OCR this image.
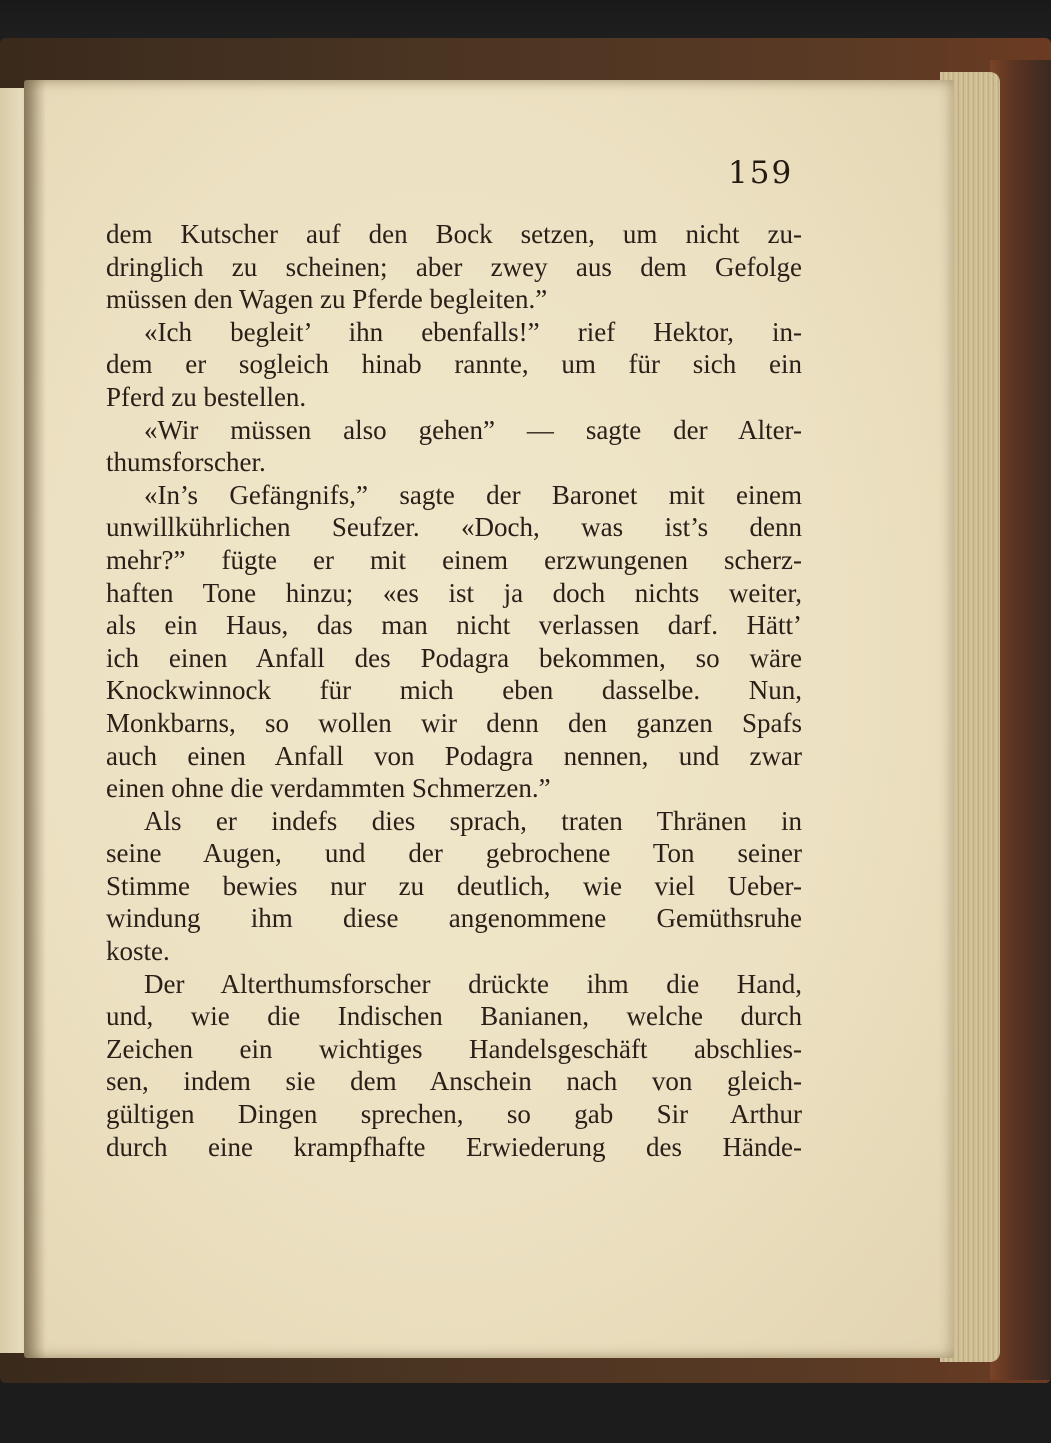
159
dem Kutscher auf den Bock setzen, um nicht zu-
dringlich zu scheinen; aber zwey aus dem Gefolge
müssen den Wagen zu Pferde begleiten.”
«Ich begleit’ ihn ebenfalls!” rief Hektor, in-
dem er sogleich hinab rannte, um für sich ein
Pferd zu bestellen.
«Wir müssen also gehen” — sagte der Alter-
thumsforscher.
«In’s Gefängnifs,” sagte der Baronet mit einem
unwillkührlichen Seufzer. «Doch, was ist’s denn
mehr?” fügte er mit einem erzwungenen scherz-
haften Tone hinzu; «es ist ja doch nichts weiter,
als ein Haus, das man nicht verlassen darf. Hätt’
ich einen Anfall des Podagra bekommen, so wäre
Knockwinnock für mich eben dasselbe. Nun,
Monkbarns, so wollen wir denn den ganzen Spafs
auch einen Anfall von Podagra nennen, und zwar
einen ohne die verdammten Schmerzen.”
Als er indefs dies sprach, traten Thränen in
seine Augen, und der gebrochene Ton seiner
Stimme bewies nur zu deutlich, wie viel Ueber-
windung ihm diese angenommene Gemüthsruhe
koste.
Der Alterthumsforscher drückte ihm die Hand,
und, wie die Indischen Banianen, welche durch
Zeichen ein wichtiges Handelsgeschäft abschlies-
sen, indem sie dem Anschein nach von gleich-
gültigen Dingen sprechen, so gab Sir Arthur
durch eine krampfhafte Erwiederung des Hände-
